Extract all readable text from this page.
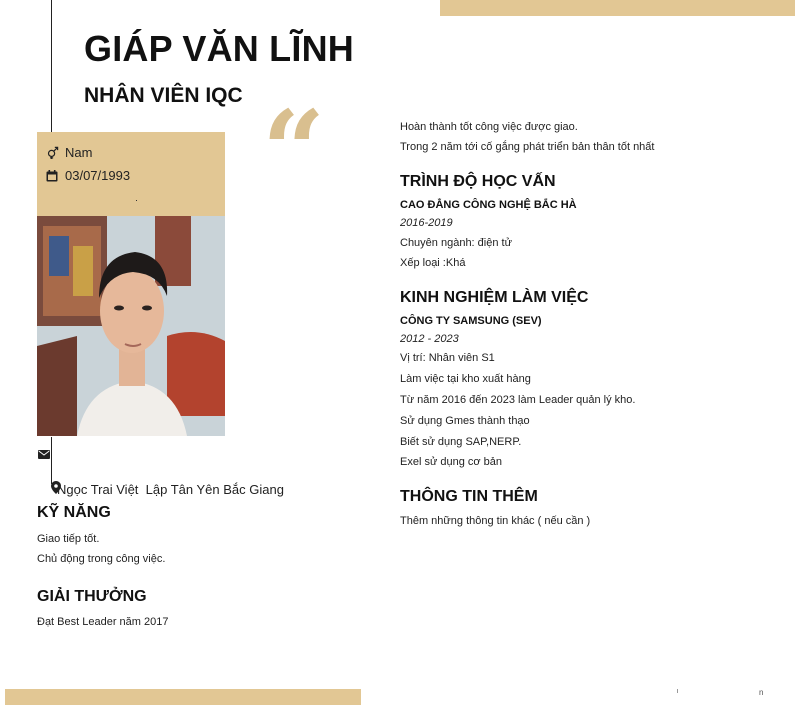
GIÁP VĂN LĨNH
NHÂN VIÊN IQC
Nam
03/07/1993 “

Ngọc Trai Việt  Lập Tân Yên Bắc Giang
KỸ NĂNG
Giao tiếp tốt.
Chủ động trong công việc.
GIẢI THƯỞNG
Đạt Best Leader năm 2017
Hoàn thành tốt công việc được giao.
Trong 2 năm tới cố gắng phát triển bản thân tốt nhất
TRÌNH ĐỘ HỌC VẤN
CAO ĐẲNG CÔNG NGHỆ BẮC HÀ
2016-2019
Chuyên ngành: điện tử
Xếp loại :Khá
KINH NGHIỆM LÀM VIỆC
CÔNG TY SAMSUNG (SEV)
2012 - 2023
Vị trí: Nhân viên S1
Làm việc tại kho xuất hàng
Từ năm 2016 đến 2023 làm Leader quản lý kho.
Sử dụng Gmes thành thạo
Biết sử dụng SAP,NERP.
Exel sử dụng cơ bản
THÔNG TIN THÊM
Thêm những thông tin khác ( nếu cần )
n
